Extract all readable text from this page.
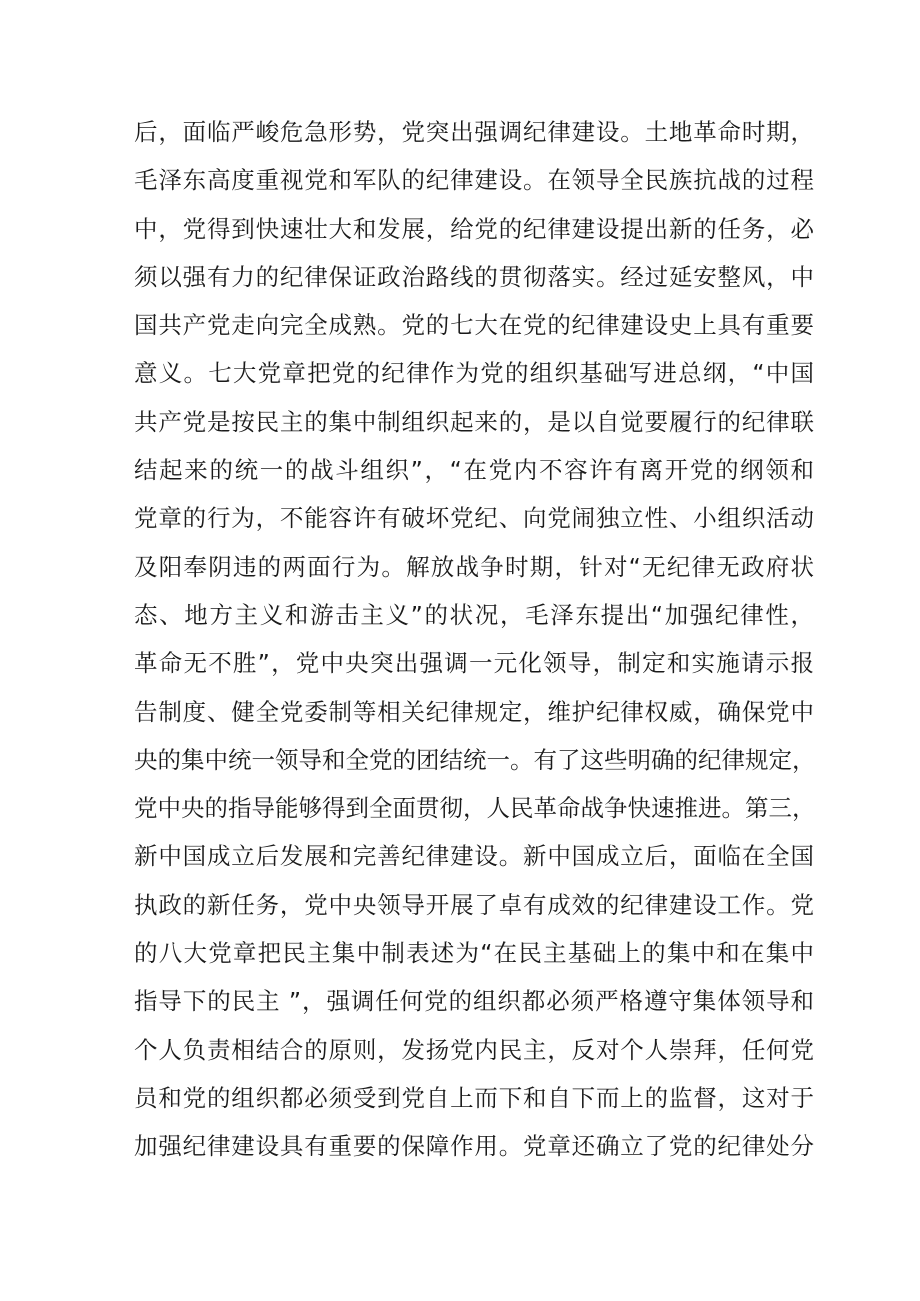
后，面临严峻危急形势，党突出强调纪律建设。土地革命时期，
毛泽东高度重视党和军队的纪律建设。在领导全民族抗战的过程
中，党得到快速壮大和发展，给党的纪律建设提出新的任务，必
须以强有力的纪律保证政治路线的贯彻落实。经过延安整风，中
国共产党走向完全成熟。党的七大在党的纪律建设史上具有重要
意义。七大党章把党的纪律作为党的组织基础写进总纲，“中国
共产党是按民主的集中制组织起来的，是以自觉要履行的纪律联
结起来的统一的战斗组织”，“在党内不容许有离开党的纲领和
党章的行为，不能容许有破坏党纪、向党闹独立性、小组织活动
及阳奉阴违的两面行为。解放战争时期，针对“无纪律无政府状
态、地方主义和游击主义”的状况，毛泽东提出“加强纪律性，
革命无不胜”，党中央突出强调一元化领导，制定和实施请示报
告制度、健全党委制等相关纪律规定，维护纪律权威，确保党中
央的集中统一领导和全党的团结统一。有了这些明确的纪律规定，
党中央的指导能够得到全面贯彻，人民革命战争快速推进。第三，
新中国成立后发展和完善纪律建设。新中国成立后，面临在全国
执政的新任务，党中央领导开展了卓有成效的纪律建设工作。党
的八大党章把民主集中制表述为“在民主基础上的集中和在集中
指导下的民主 ”，强调任何党的组织都必须严格遵守集体领导和
个人负责相结合的原则，发扬党内民主，反对个人崇拜，任何党
员和党的组织都必须受到党自上而下和自下而上的监督，这对于
加强纪律建设具有重要的保障作用。党章还确立了党的纪律处分
